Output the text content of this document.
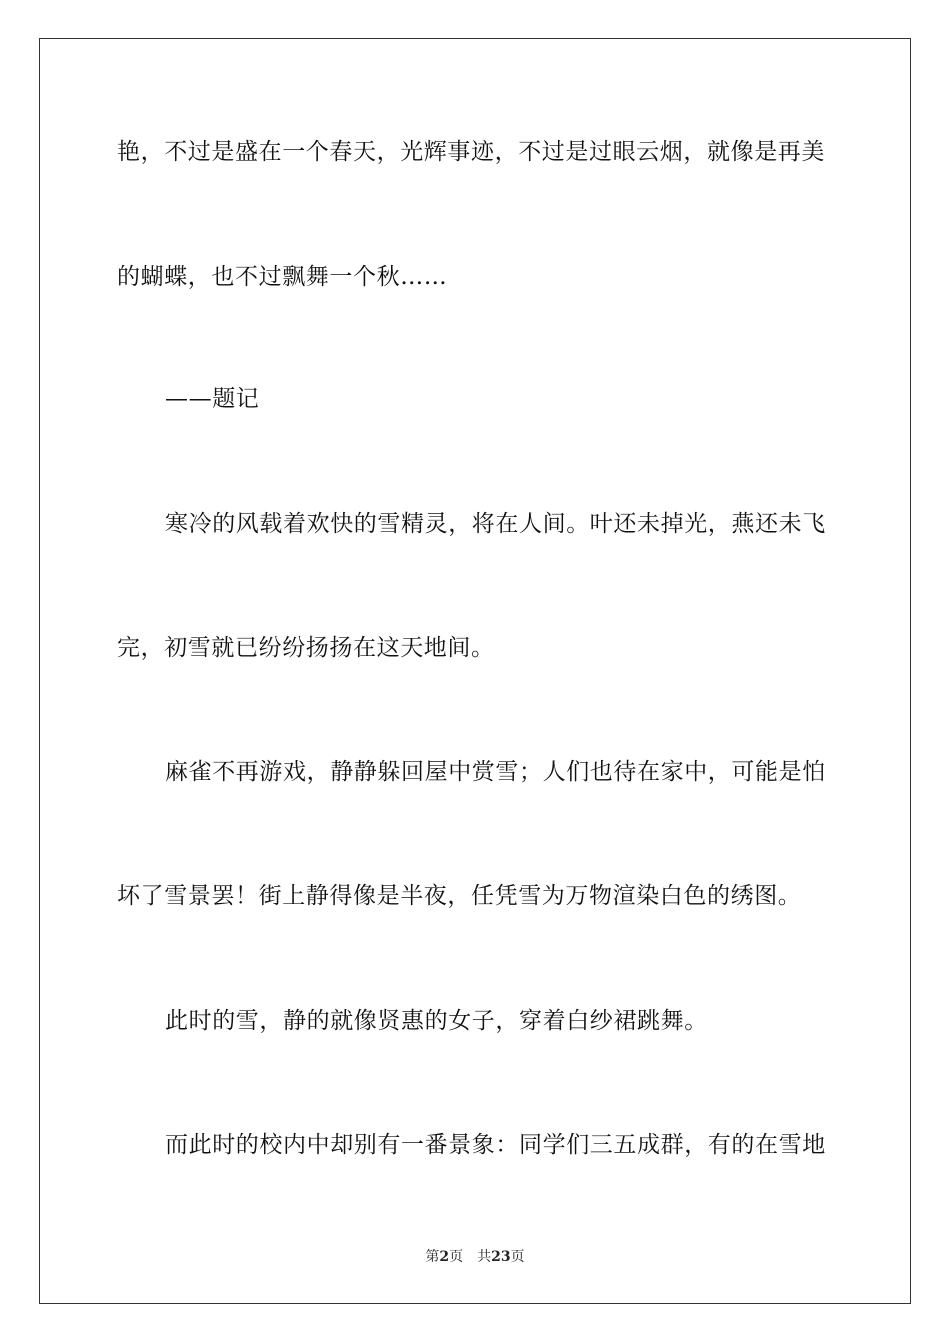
艳，不过是盛在一个春天，光辉事迹，不过是过眼云烟，就像是再美
的蝴蝶，也不过飘舞一个秋……
——题记
寒冷的风载着欢快的雪精灵，将在人间。叶还未掉光，燕还未飞
完，初雪就已纷纷扬扬在这天地间。
麻雀不再游戏，静静躲回屋中赏雪；人们也待在家中，可能是怕
坏了雪景罢！街上静得像是半夜，任凭雪为万物渲染白色的绣图。
此时的雪，静的就像贤惠的女子，穿着白纱裙跳舞。
而此时的校内中却别有一番景象：同学们三五成群，有的在雪地
第2页 共23页
